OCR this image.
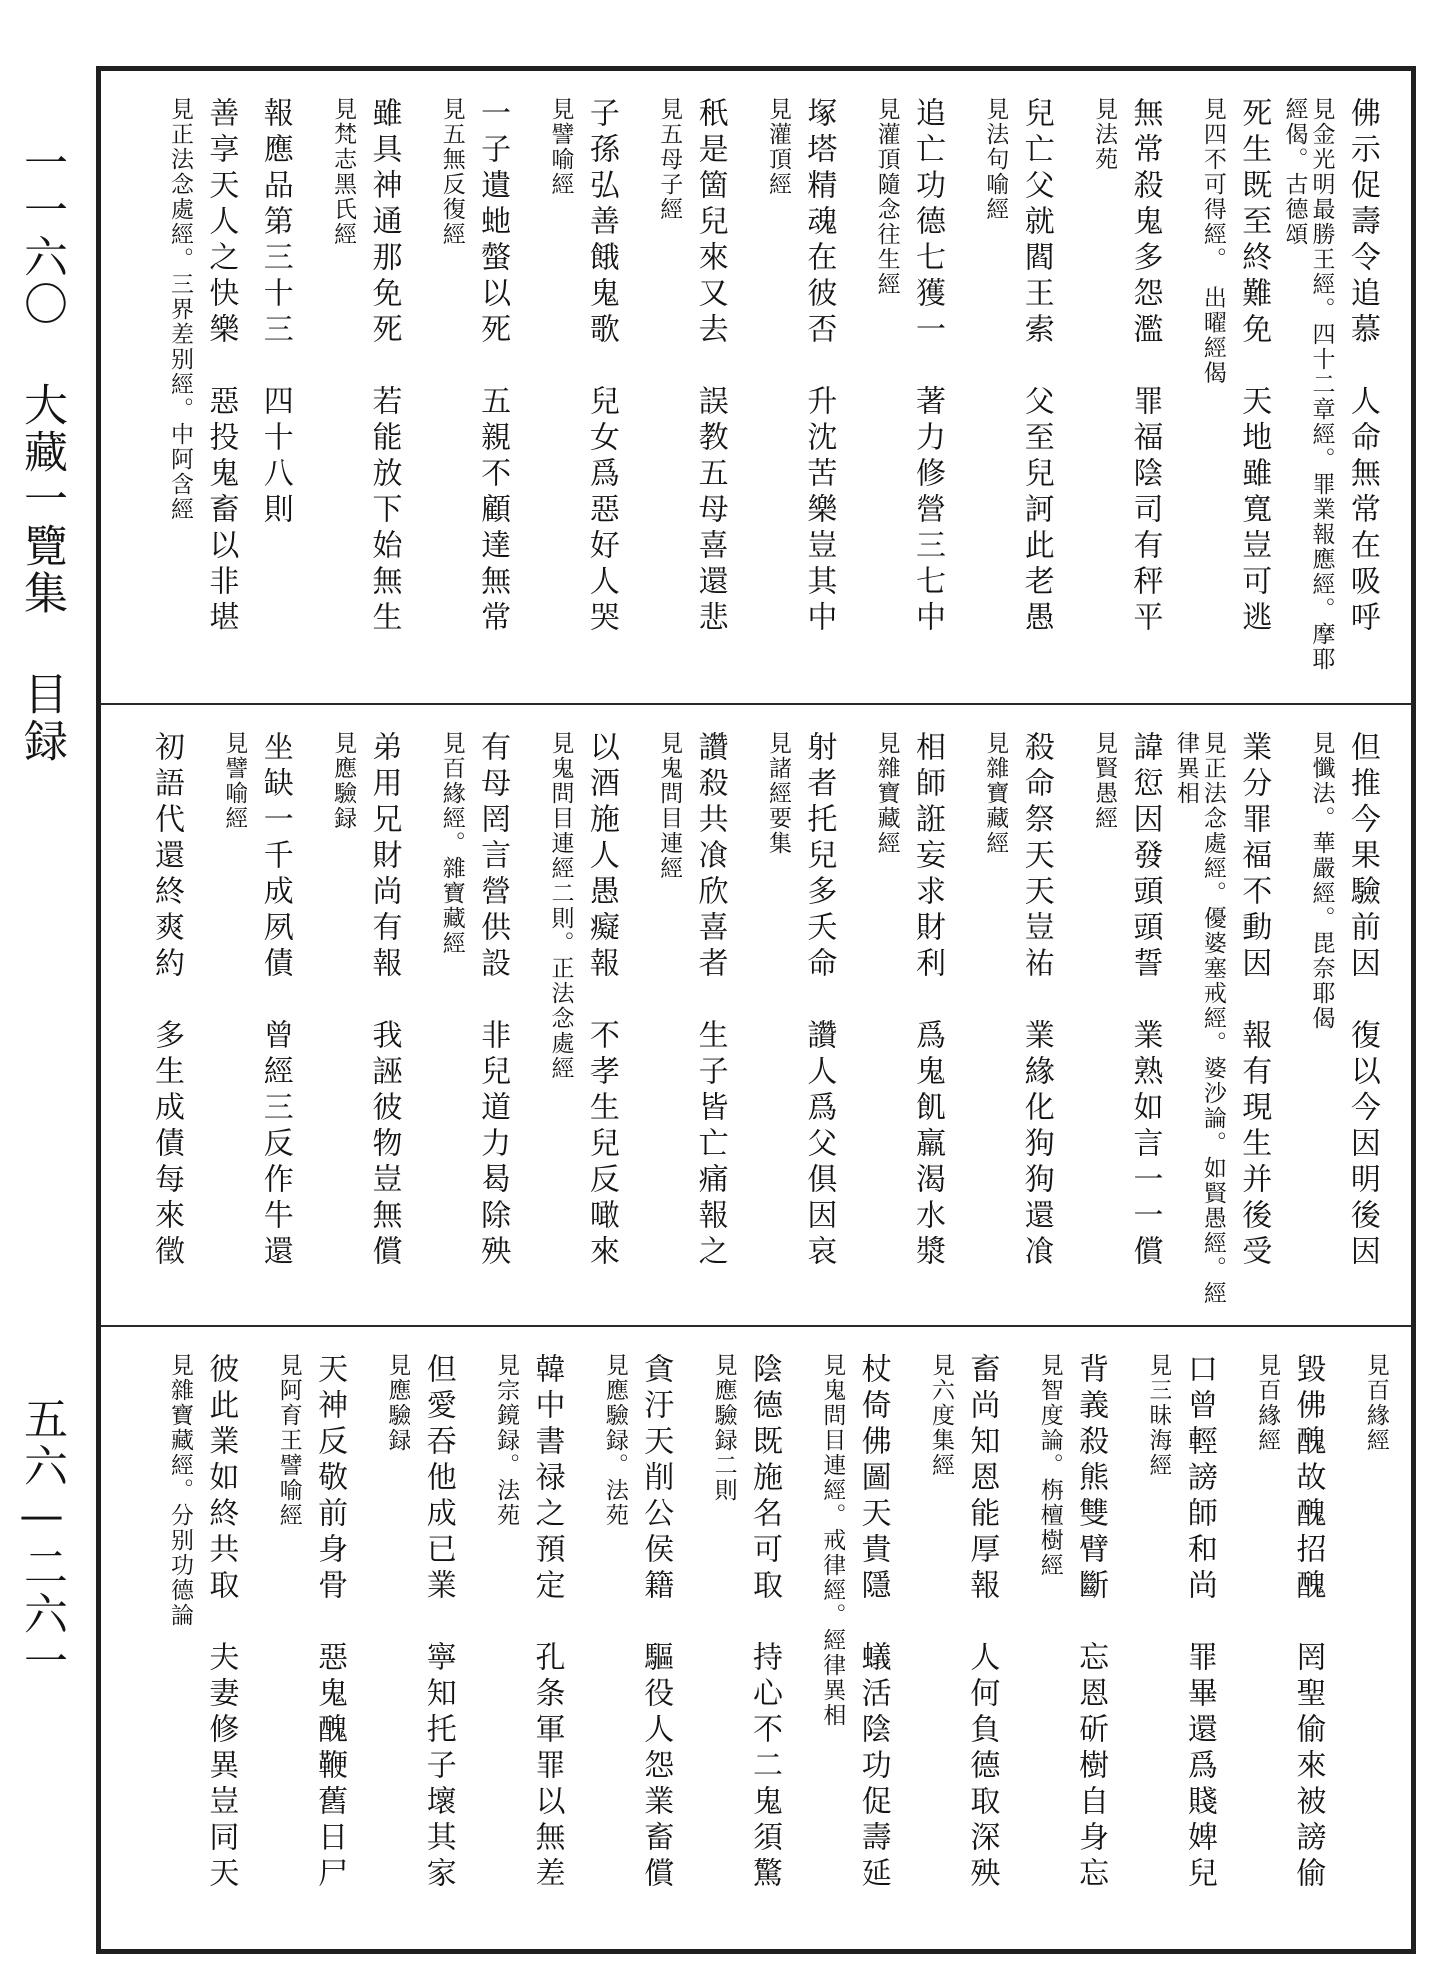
一一六〇 大藏一覽集 目録
五六—二六一
佛示促壽令追慕　人命無常在吸呼
見金光明最勝王經。四十二章經。罪業報應經。摩耶經偈。古德頌
死生既至終難免　天地雖寬豈可逃
見四不可得經。　出曜經偈
無常殺鬼多怨濫　罪福陰司有秤平
見法苑
兒亡父就閻王索　父至兒訶此老愚
見法句喻經
追亡功德七獲一　著力修營三七中
見灌頂隨念往生經
塚塔精魂在彼否　升沈苦樂豈其中
見灌頂經
秖是箇兒來又去　誤教五母喜還悲
見五母子經
子孫弘善餓鬼歌　兒女爲惡好人哭
見譬喻經
一子遺虵螫以死　五親不顧達無常
見五無反復經
雖具神通那免死　若能放下始無生
見梵志黑氏經
報應品第三十三　四十八則
善享天人之快樂　惡投鬼畜以非堪
見正法念處經。三界差别經。中阿含經
但推今果驗前因　復以今因明後因
見懺法。華嚴經。毘奈耶偈
業分罪福不動因　報有現生并後受
見正法念處經。優婆塞戒經。婆沙論。如賢愚經。經律異相
諱愆因發頭頭誓　業熟如言一一償
見賢愚經
殺命祭天天豈祐　業緣化狗狗還飡
見雜寶藏經
相師誑妄求財利　爲鬼飢羸渴水漿
見雜寶藏經
射者托兒多夭命　讚人爲父俱因哀
見諸經要集
讚殺共飡欣喜者　生子皆亡痛報之
見鬼問目連經
以酒施人愚癡報　不孝生兒反噉來
見鬼問目連經二則。正法念處經
有母罔言營供設　非兒道力曷除殃
見百緣經。雜寶藏經
弟用兄財尚有報　我誣彼物豈無償
見應驗録
坐缺一千成夙債　曾經三反作牛還
見譬喻經
初語代還終爽約　多生成債每來徵
見百緣經
毀佛醜故醜招醜　罔聖偷來被謗偷
見百緣經
口曾輕謗師和尚　罪畢還爲賤婢兒
見三昧海經
背義殺熊雙臂斷　忘恩斫樹自身忘
見智度論。栴檀樹經
畜尚知恩能厚報　人何負德取深殃
見六度集經
杖倚佛圖天貴隱　蟻活陰功促壽延
見鬼問目連經。戒律經。經律異相
陰德既施名可取　持心不二鬼須驚
見應驗録二則
貪汙天削公侯籍　驅役人怨業畜償
見應驗録。法苑
韓中書禄之預定　孔条軍罪以無差
見宗鏡録。法苑
但愛吞他成已業　寧知托子壞其家
見應驗録
天神反敬前身骨　惡鬼醜鞭舊日尸
見阿育王譬喻經
彼此業如終共取　夫妻修異豈同天
見雜寶藏經。分别功德論
